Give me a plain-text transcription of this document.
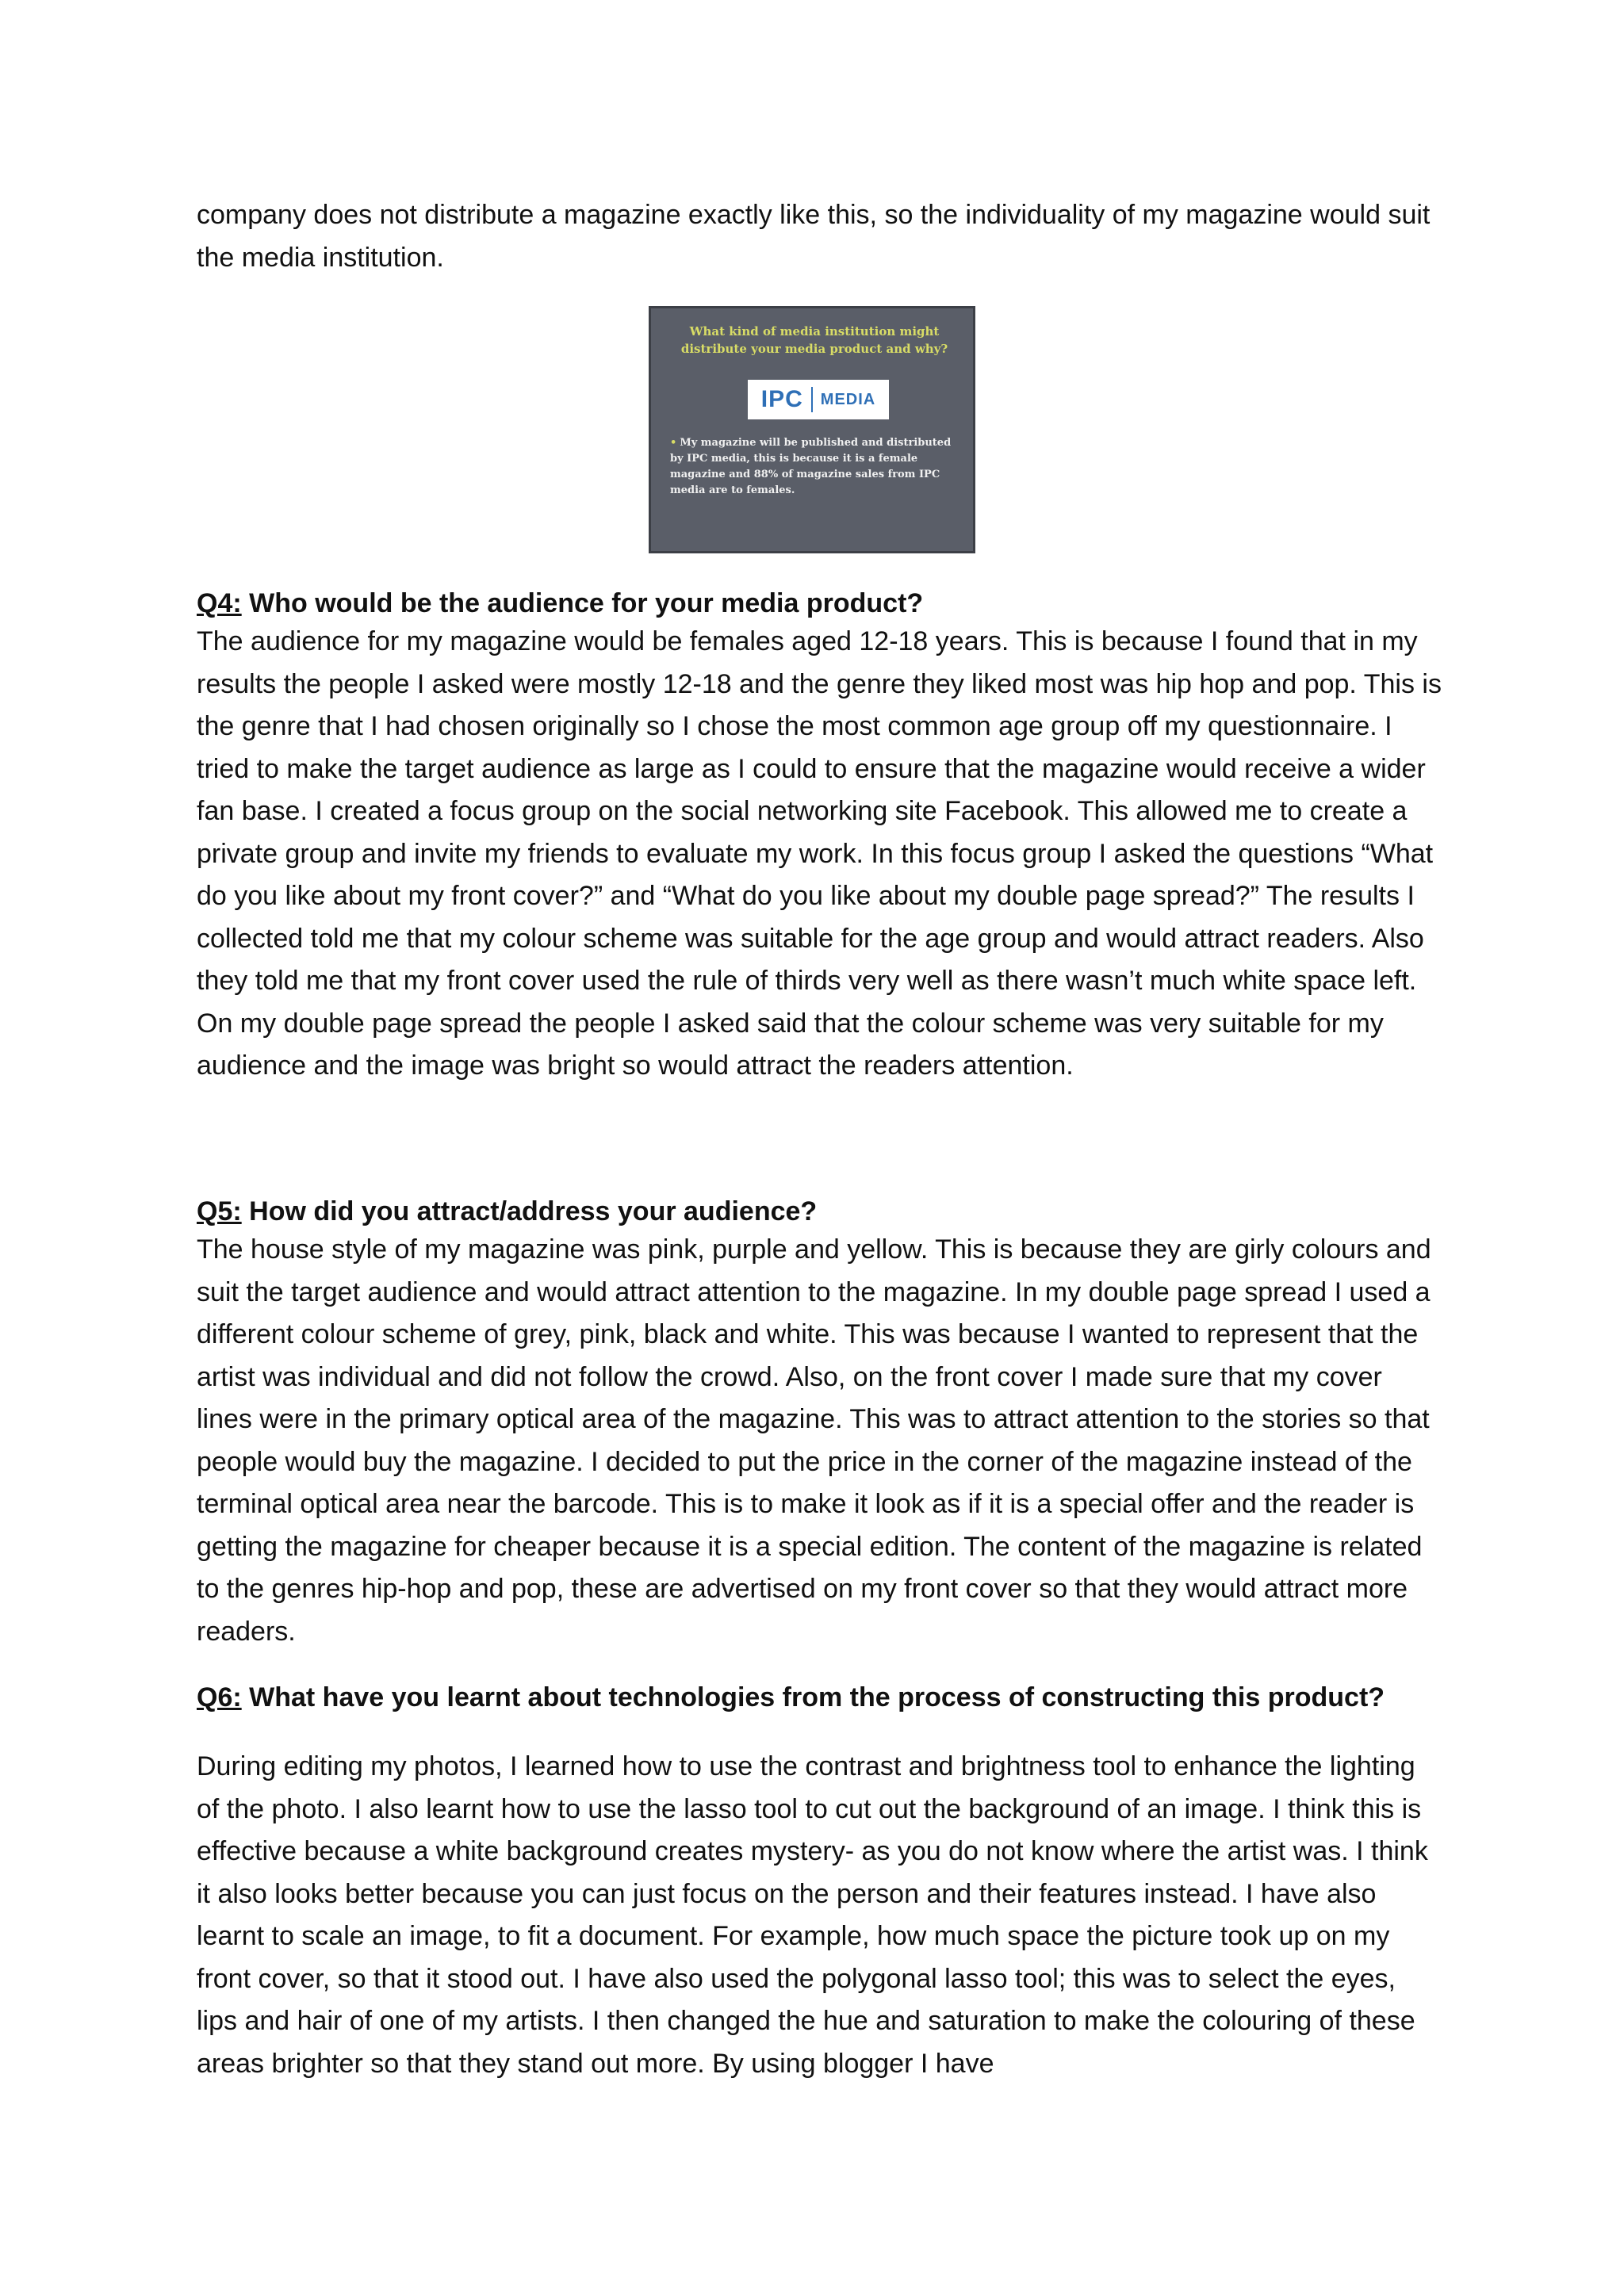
company does not distribute a magazine exactly like this, so the individuality of my magazine would suit the media institution.

What kind of media institution might distribute your media product and why?
IPC MEDIA
• My magazine will be published and distributed by IPC media, this is because it is a female magazine and 88% of magazine sales from IPC media are to females.
Q4: Who would be the audience for your media product?

The audience for my magazine would be females aged 12-18 years. This is because I found that in my results the people I asked were mostly 12-18 and the genre they liked most was hip hop and pop. This is the genre that I had chosen originally so I chose the most common age group off my questionnaire. I tried to make the target audience as large as I could to ensure that the magazine would receive a wider fan base. I created a focus group on the social networking site Facebook. This allowed me to create a private group and invite my friends to evaluate my work. In this focus group I asked the questions “What do you like about my front cover?” and “What do you like about my double page spread?” The results I collected told me that my colour scheme was suitable for the age group and would attract readers. Also they told me that my front cover used the rule of thirds very well as there wasn’t much white space left. On my double page spread the people I asked said that the colour scheme was very suitable for my audience and the image was bright so would attract the readers attention.

Q5: How did you attract/address your audience?

The house style of my magazine was pink, purple and yellow. This is because they are girly colours and suit the target audience and would attract attention to the magazine. In my double page spread I used a different colour scheme of grey, pink, black and white. This was because I wanted to represent that the artist was individual and did not follow the crowd. Also, on the front cover I made sure that my cover lines were in the primary optical area of the magazine. This was to attract attention to the stories so that people would buy the magazine. I decided to put the price in the corner of the magazine instead of the terminal optical area near the barcode. This is to make it look as if it is a special offer and the reader is getting the magazine for cheaper because it is a special edition. The content of the magazine is related to the genres hip-hop and pop, these are advertised on my front cover so that they would attract more readers.

Q6: What have you learnt about technologies from the process of constructing this product?

During editing my photos, I learned how to use the contrast and brightness tool to enhance the lighting of the photo. I also learnt how to use the lasso tool to cut out the background of an image. I think this is effective because a white background creates mystery- as you do not know where the artist was. I think it also looks better because you can just focus on the person and their features instead. I have also learnt to scale an image, to fit a document. For example, how much space the picture took up on my front cover, so that it stood out. I have also used the polygonal lasso tool; this was to select the eyes, lips and hair of one of my artists. I then changed the hue and saturation to make the colouring of these areas brighter so that they stand out more. By using blogger I have
